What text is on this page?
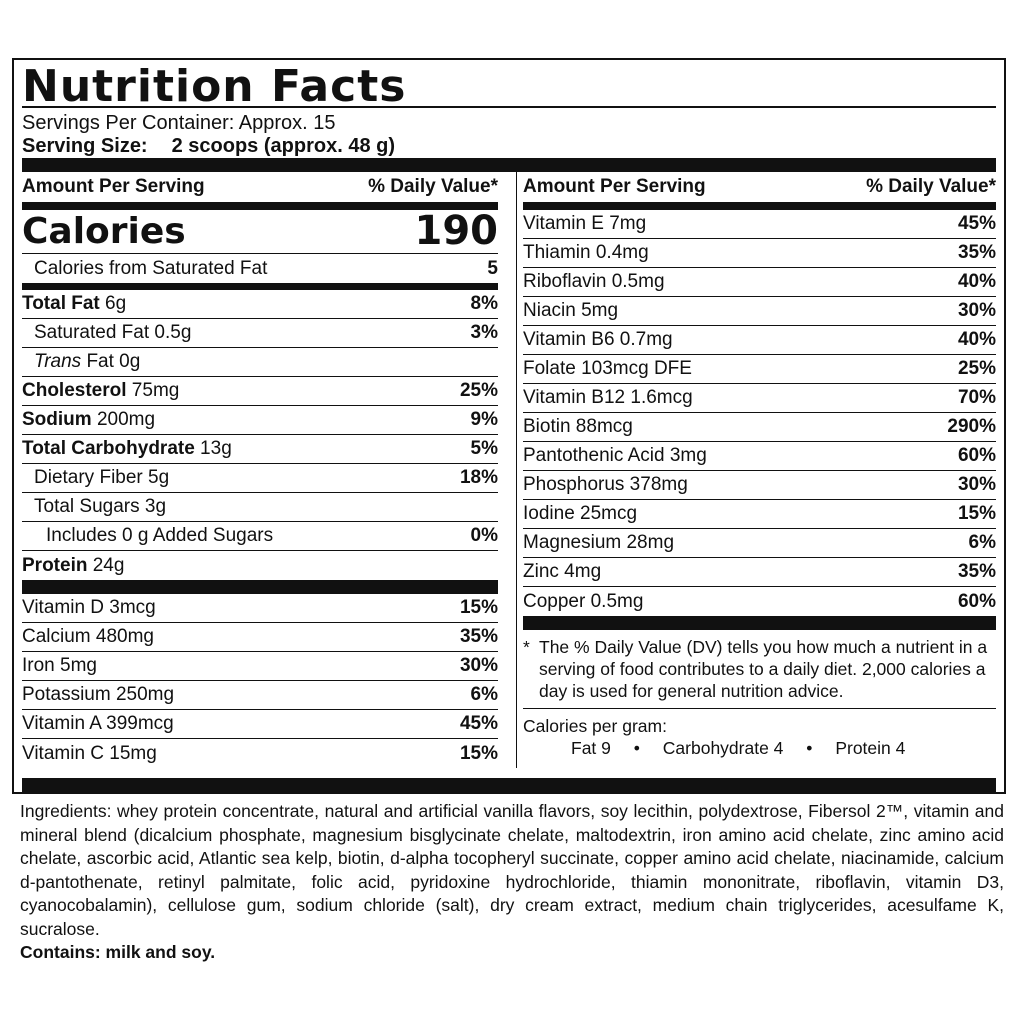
Nutrition Facts
Servings Per Container: Approx. 15
Serving Size: 2 scoops (approx. 48 g)
Amount Per Serving	% Daily Value*
Calories	190
Calories from Saturated Fat	5
Total Fat 6g	8%
Saturated Fat 0.5g	3%
Trans Fat 0g
Cholesterol 75mg	25%
Sodium 200mg	9%
Total Carbohydrate 13g	5%
Dietary Fiber 5g	18%
Total Sugars 3g
Includes 0 g Added Sugars	0%
Protein 24g
Vitamin D 3mcg	15%
Calcium 480mg	35%
Iron 5mg	30%
Potassium 250mg	6%
Vitamin A 399mcg	45%
Vitamin C 15mg	15%
Amount Per Serving	% Daily Value*
Vitamin E 7mg	45%
Thiamin 0.4mg	35%
Riboflavin 0.5mg	40%
Niacin 5mg	30%
Vitamin B6 0.7mg	40%
Folate 103mcg DFE	25%
Vitamin B12 1.6mcg	70%
Biotin 88mcg	290%
Pantothenic Acid 3mg	60%
Phosphorus 378mg	30%
Iodine 25mcg	15%
Magnesium 28mg	6%
Zinc 4mg	35%
Copper 0.5mg	60%
* The % Daily Value (DV) tells you how much a nutrient in a serving of food contributes to a daily diet. 2,000 calories a day is used for general nutrition advice.
Calories per gram:
Fat 9 • Carbohydrate 4 • Protein 4
Ingredients: whey protein concentrate, natural and artificial vanilla flavors, soy lecithin, polydextrose, Fibersol 2™, vitamin and mineral blend (dicalcium phosphate, magnesium bisglycinate chelate, maltodextrin, iron amino acid chelate, zinc amino acid chelate, ascorbic acid, Atlantic sea kelp, biotin, d-alpha tocopheryl succinate, copper amino acid chelate, niacinamide, calcium d-pantothenate, retinyl palmitate, folic acid, pyridoxine hydrochloride, thiamin mononitrate, riboflavin, vitamin D3, cyanocobalamin), cellulose gum, sodium chloride (salt), dry cream extract, medium chain triglycerides, acesulfame K, sucralose.
Contains: milk and soy.
